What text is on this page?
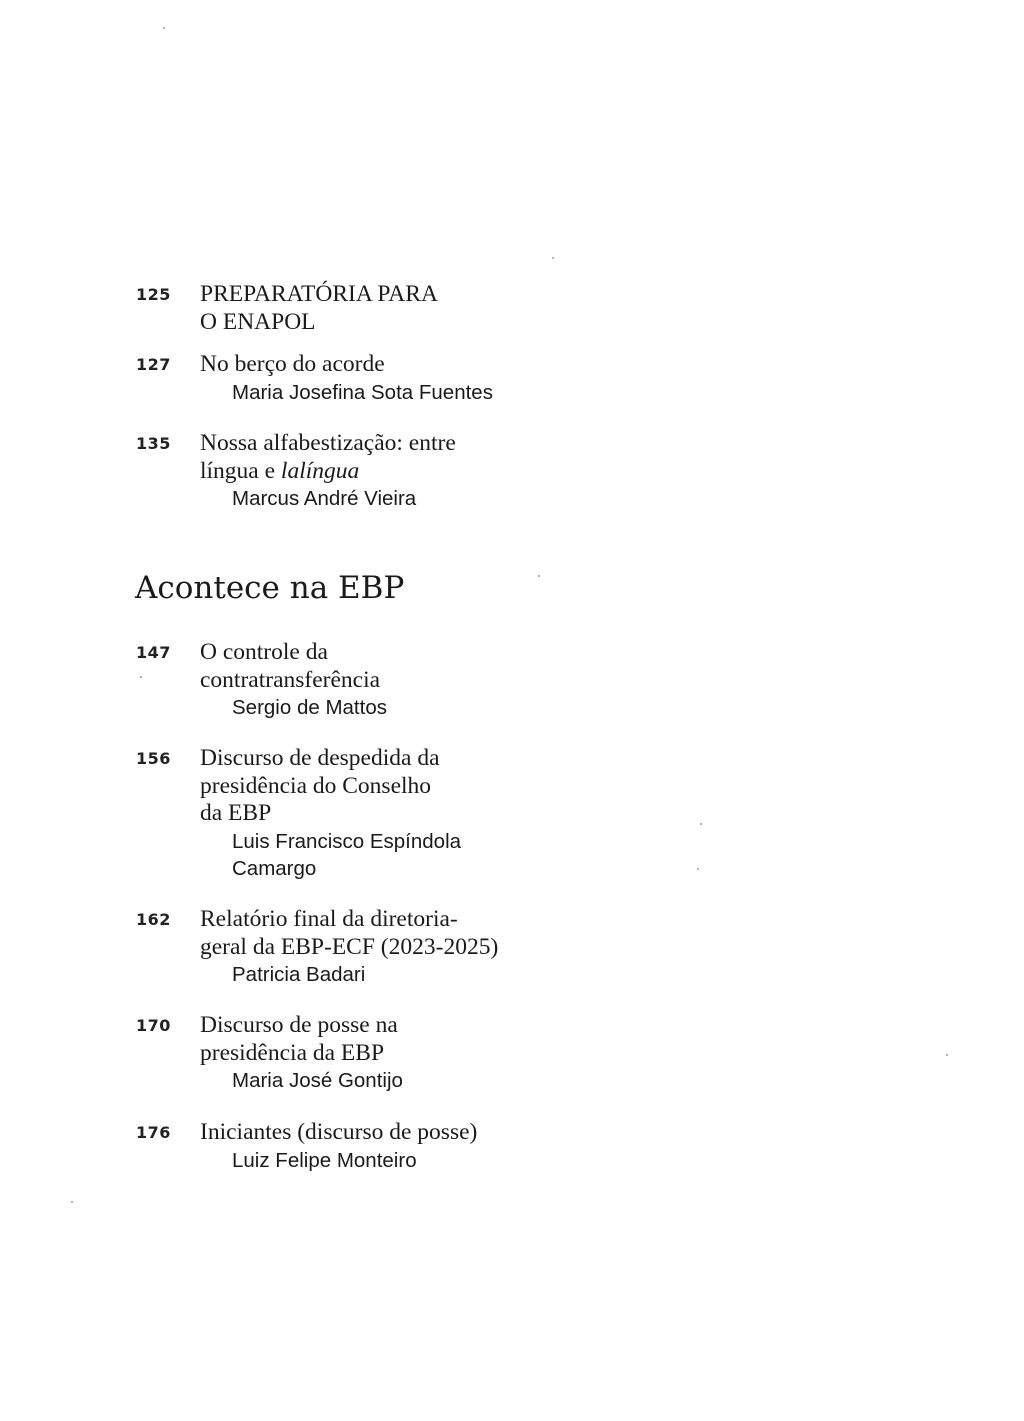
125	PREPARATÓRIA PARA
O ENAPOL
127	No berço do acorde
Maria Josefina Sota Fuentes
135	Nossa alfabestização: entre
língua e lalíngua
Marcus André Vieira
Acontece na EBP
147	O controle da
contratransferência
Sergio de Mattos
156	Discurso de despedida da
presidência do Conselho
da EBP
Luis Francisco Espíndola
Camargo
162	Relatório final da diretoria-
geral da EBP-ECF (2023-2025)
Patricia Badari
170	Discurso de posse na
presidência da EBP
Maria José Gontijo
176	Iniciantes (discurso de posse)
Luiz Felipe Monteiro
